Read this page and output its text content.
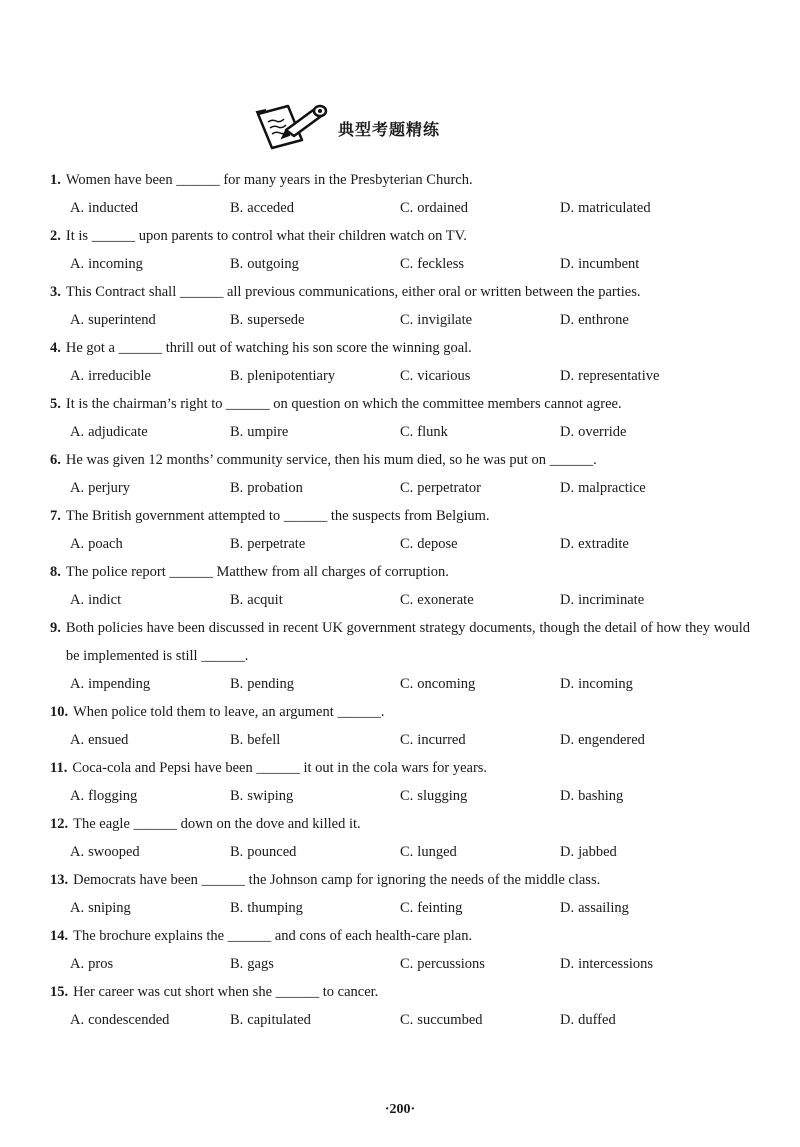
典型考题精练
1. Women have been ______ for many years in the Presbyterian Church.
A. inducted	B. acceded	C. ordained	D. matriculated
2. It is ______ upon parents to control what their children watch on TV.
A. incoming	B. outgoing	C. feckless	D. incumbent
3. This Contract shall ______ all previous communications, either oral or written between the parties.
A. superintend	B. supersede	C. invigilate	D. enthrone
4. He got a ______ thrill out of watching his son score the winning goal.
A. irreducible	B. plenipotentiary	C. vicarious	D. representative
5. It is the chairman’s right to ______ on question on which the committee members cannot agree.
A. adjudicate	B. umpire	C. flunk	D. override
6. He was given 12 months’ community service, then his mum died, so he was put on ______.
A. perjury	B. probation	C. perpetrator	D. malpractice
7. The British government attempted to ______ the suspects from Belgium.
A. poach	B. perpetrate	C. depose	D. extradite
8. The police report ______ Matthew from all charges of corruption.
A. indict	B. acquit	C. exonerate	D. incriminate
9. Both policies have been discussed in recent UK government strategy documents, though the detail of how they would be implemented is still ______.
A. impending	B. pending	C. oncoming	D. incoming
10. When police told them to leave, an argument ______.
A. ensued	B. befell	C. incurred	D. engendered
11. Coca-cola and Pepsi have been ______ it out in the cola wars for years.
A. flogging	B. swiping	C. slugging	D. bashing
12. The eagle ______ down on the dove and killed it.
A. swooped	B. pounced	C. lunged	D. jabbed
13. Democrats have been ______ the Johnson camp for ignoring the needs of the middle class.
A. sniping	B. thumping	C. feinting	D. assailing
14. The brochure explains the ______ and cons of each health-care plan.
A. pros	B. gags	C. percussions	D. intercessions
15. Her career was cut short when she ______ to cancer.
A. condescended	B. capitulated	C. succumbed	D. duffed
·200·
